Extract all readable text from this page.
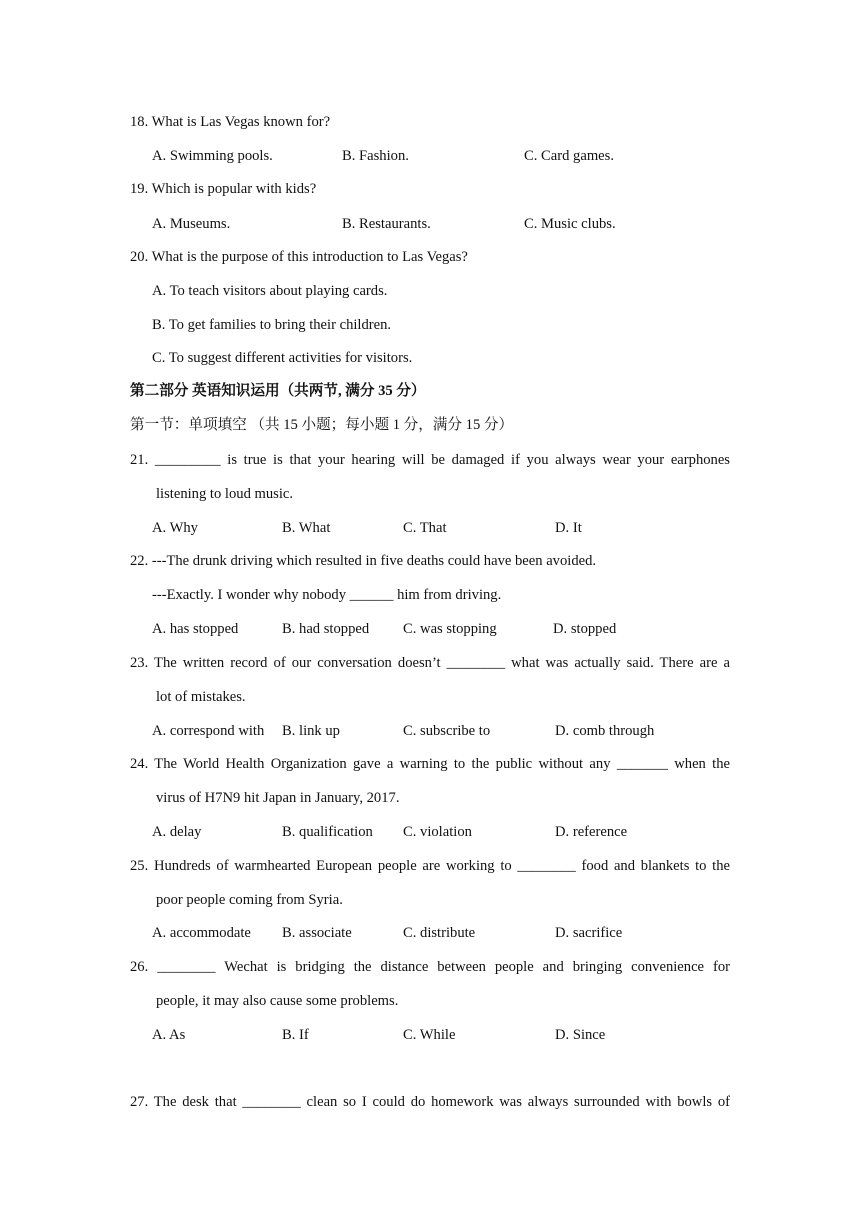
18. What is Las Vegas known for?
A. Swimming pools.	B. Fashion.	C. Card games.
19. Which is popular with kids?
A. Museums.	B. Restaurants.	C. Music clubs.
20. What is the purpose of this introduction to Las Vegas?
A. To teach visitors about playing cards.
B. To get families to bring their children.
C. To suggest different activities for visitors.
第二部分 英语知识运用（共两节, 满分 35 分）
第一节：单项填空 （共 15 小题；每小题 1 分，满分 15 分）
21. _________ is true is that your hearing will be damaged if you always wear your earphones
listening to loud music.
A. Why	B. What	C. That	D. It
22. ---The drunk driving which resulted in five deaths could have been avoided.
---Exactly. I wonder why nobody ______ him from driving.
A. has stopped	B. had stopped C. was stopping	D. stopped
23. The written record of our conversation doesn’t ________ what was actually said. There are a
lot of mistakes.
A. correspond with B. link up	C. subscribe to	D. comb through
24. The World Health Organization gave a warning to the public without any _______ when the
virus of H7N9 hit Japan in January, 2017.
A. delay	B. qualification C. violation	D. reference
25. Hundreds of warmhearted European people are working to ________ food and blankets to the
poor people coming from Syria.
A. accommodate B. associate	C. distribute	D. sacrifice
26. ________ Wechat is bridging the distance between people and bringing convenience for
people, it may also cause some problems.
A. As	B. If	C. While	D. Since
27. The desk that ________ clean so I could do homework was always surrounded with bowls of
